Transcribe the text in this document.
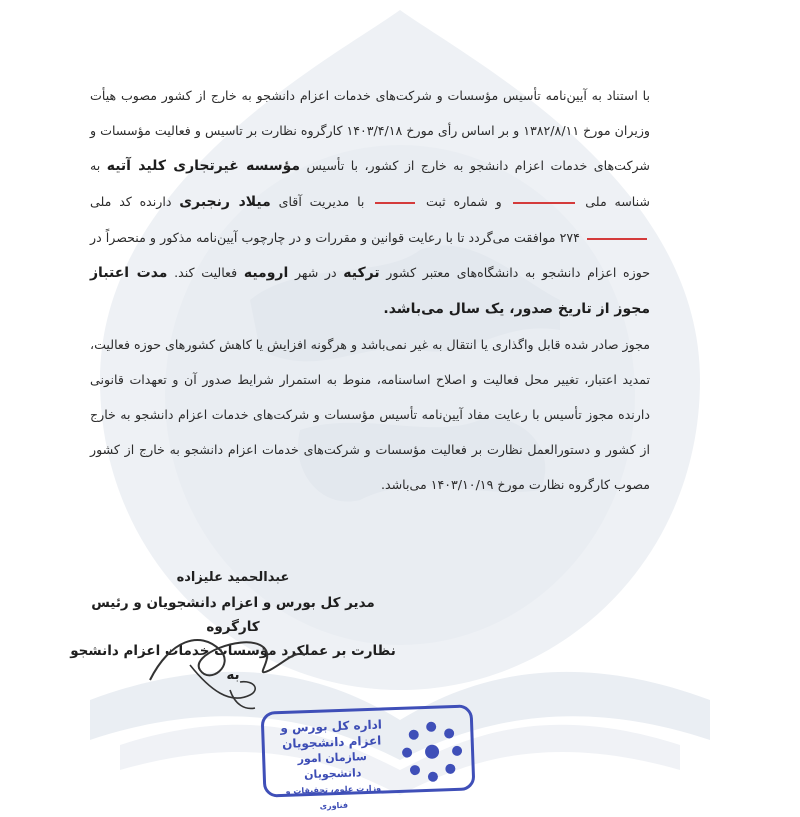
با استناد به آیین‌نامه تأسیس مؤسسات و شرکت‌های خدمات اعزام دانشجو به خارج از کشور مصوب هیأت وزیران مورخ ۱۳۸۲/۸/۱۱ و بر اساس رأی مورخ ۱۴۰۳/۴/۱۸ کارگروه نظارت بر تاسیس و فعالیت مؤسسات و شرکت‌های خدمات اعزام دانشجو به خارج از کشور، با تأسیس مؤسسه غیرتجاری کلید آتیه به شناسه ملی  و شماره ثبت  با مدیریت آقای میلاد رنجبری دارنده کد ملی  ۲۷۴ موافقت می‌گردد تا با رعایت قوانین و مقررات و در چارچوب آیین‌نامه مذکور و منحصراً در حوزه اعزام دانشجو به دانشگاه‌های معتبر کشور ترکیه در شهر ارومیه فعالیت کند. مدت اعتباز مجوز از تاریخ صدور، یک سال می‌باشد.

مجوز صادر شده قابل واگذاری یا انتقال به غیر نمی‌باشد و هرگونه افزایش یا کاهش کشورهای حوزه فعالیت، تمدید اعتبار، تغییر محل فعالیت و اصلاح اساسنامه، منوط به استمرار شرایط صدور آن و تعهدات قانونی دارنده مجوز تأسیس با رعایت مفاد آیین‌نامه تأسیس مؤسسات و شرکت‌های خدمات اعزام دانشجو به خارج از کشور و دستورالعمل نظارت بر فعالیت مؤسسات و شرکت‌های خدمات اعزام دانشجو به خارج از کشور مصوب کارگروه نظارت مورخ ۱۴۰۳/۱۰/۱۹ می‌باشد.

عبدالحمید علیزاده
مدیر کل بورس و اعزام دانشجویان و رئیس کارگروه
نظارت بر عملکرد مؤسسات خدمات اعزام دانشجو به
اداره کل بورس و
اعزام دانشجویان
سازمان امور دانشجویان
وزارت علوم، تحقیقات و فناوری
